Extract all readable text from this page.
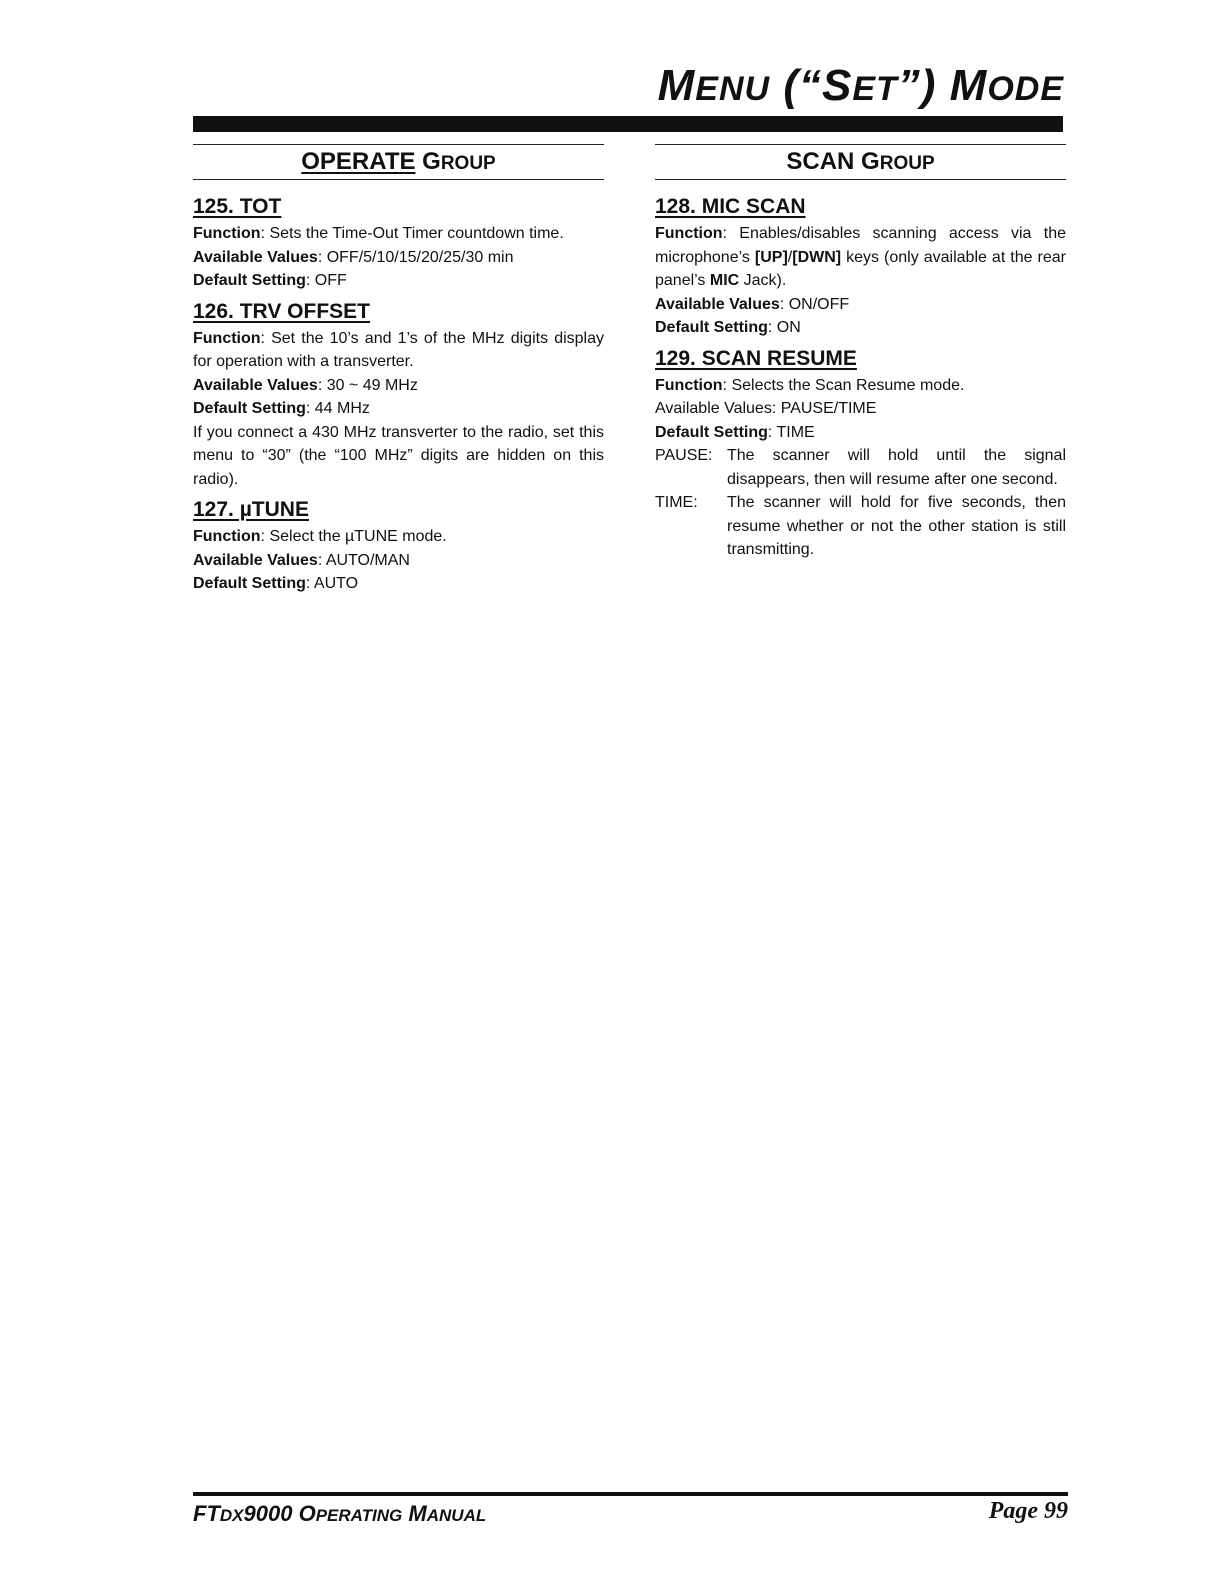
MENU (“SET”) MODE
OPERATE GROUP
125. TOT

Function: Sets the Time-Out Timer countdown time.

Available Values: OFF/5/10/15/20/25/30 min

Default Setting: OFF

126. TRV OFFSET

Function: Set the 10’s and 1’s of the MHz digits display for operation with a transverter.

Available Values: 30 ~ 49 MHz

Default Setting: 44 MHz

If you connect a 430 MHz transverter to the radio, set this menu to “30” (the “100 MHz” digits are hidden on this radio).

127. µTUNE

Function: Select the µTUNE mode.

Available Values: AUTO/MAN

Default Setting: AUTO

SCAN GROUP
128. MIC SCAN

Function: Enables/disables scanning access via the microphone’s [UP]/[DWN] keys (only available at the rear panel’s MIC Jack).

Available Values: ON/OFF

Default Setting: ON

129. SCAN RESUME

Function: Selects the Scan Resume mode.

Available Values: PAUSE/TIME

Default Setting: TIME

PAUSE: The scanner will hold until the signal disappears, then will resume after one second.
TIME:	The scanner will hold for five seconds, then resume whether or not the other station is still transmitting.
FTDX9000 OPERATING MANUAL	Page 99
